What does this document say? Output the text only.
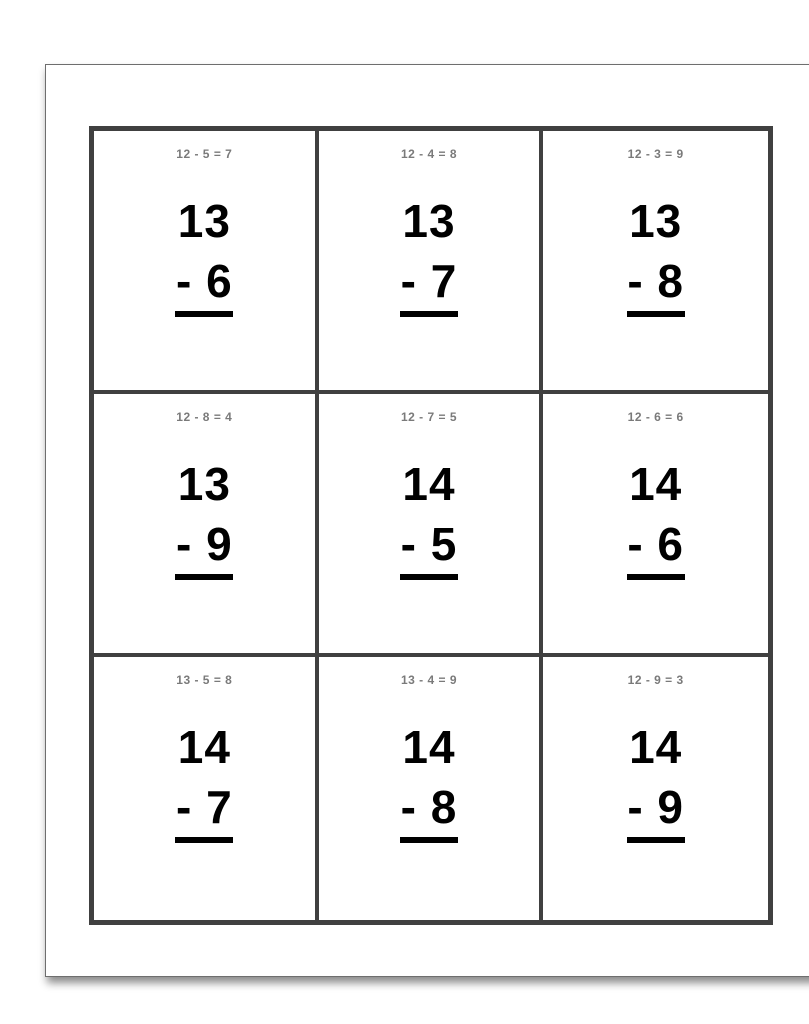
12 - 5 = 7
13
- 6
12 - 4 = 8
13
- 7
12 - 3 = 9
13
- 8
12 - 8 = 4
13
- 9
12 - 7 = 5
14
- 5
12 - 6 = 6
14
- 6
13 - 5 = 8
14
- 7
13 - 4 = 9
14
- 8
12 - 9 = 3
14
- 9
